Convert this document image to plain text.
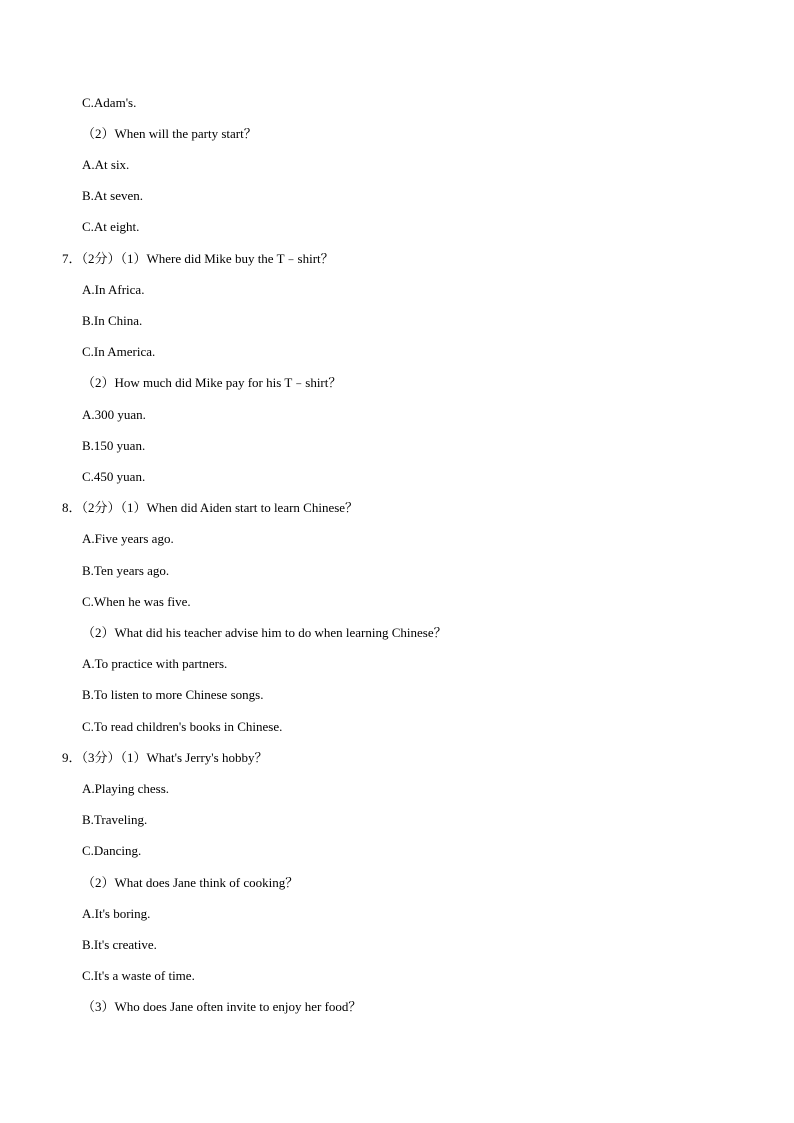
C.Adam's.
（2）When will the party start？
A.At six.
B.At seven.
C.At eight.
7．（2分）（1）Where did Mike buy the T﹣shirt？
A.In Africa.
B.In China.
C.In America.
（2）How much did Mike pay for his T﹣shirt？
A.300 yuan.
B.150 yuan.
C.450 yuan.
8．（2分）（1）When did Aiden start to learn Chinese？
A.Five years ago.
B.Ten years ago.
C.When he was five.
（2）What did his teacher advise him to do when learning Chinese？
A.To practice with partners.
B.To listen to more Chinese songs.
C.To read children's books in Chinese.
9．（3分）（1）What's Jerry's hobby？
A.Playing chess.
B.Traveling.
C.Dancing.
（2）What does Jane think of cooking？
A.It's boring.
B.It's creative.
C.It's a waste of time.
（3）Who does Jane often invite to enjoy her food？
